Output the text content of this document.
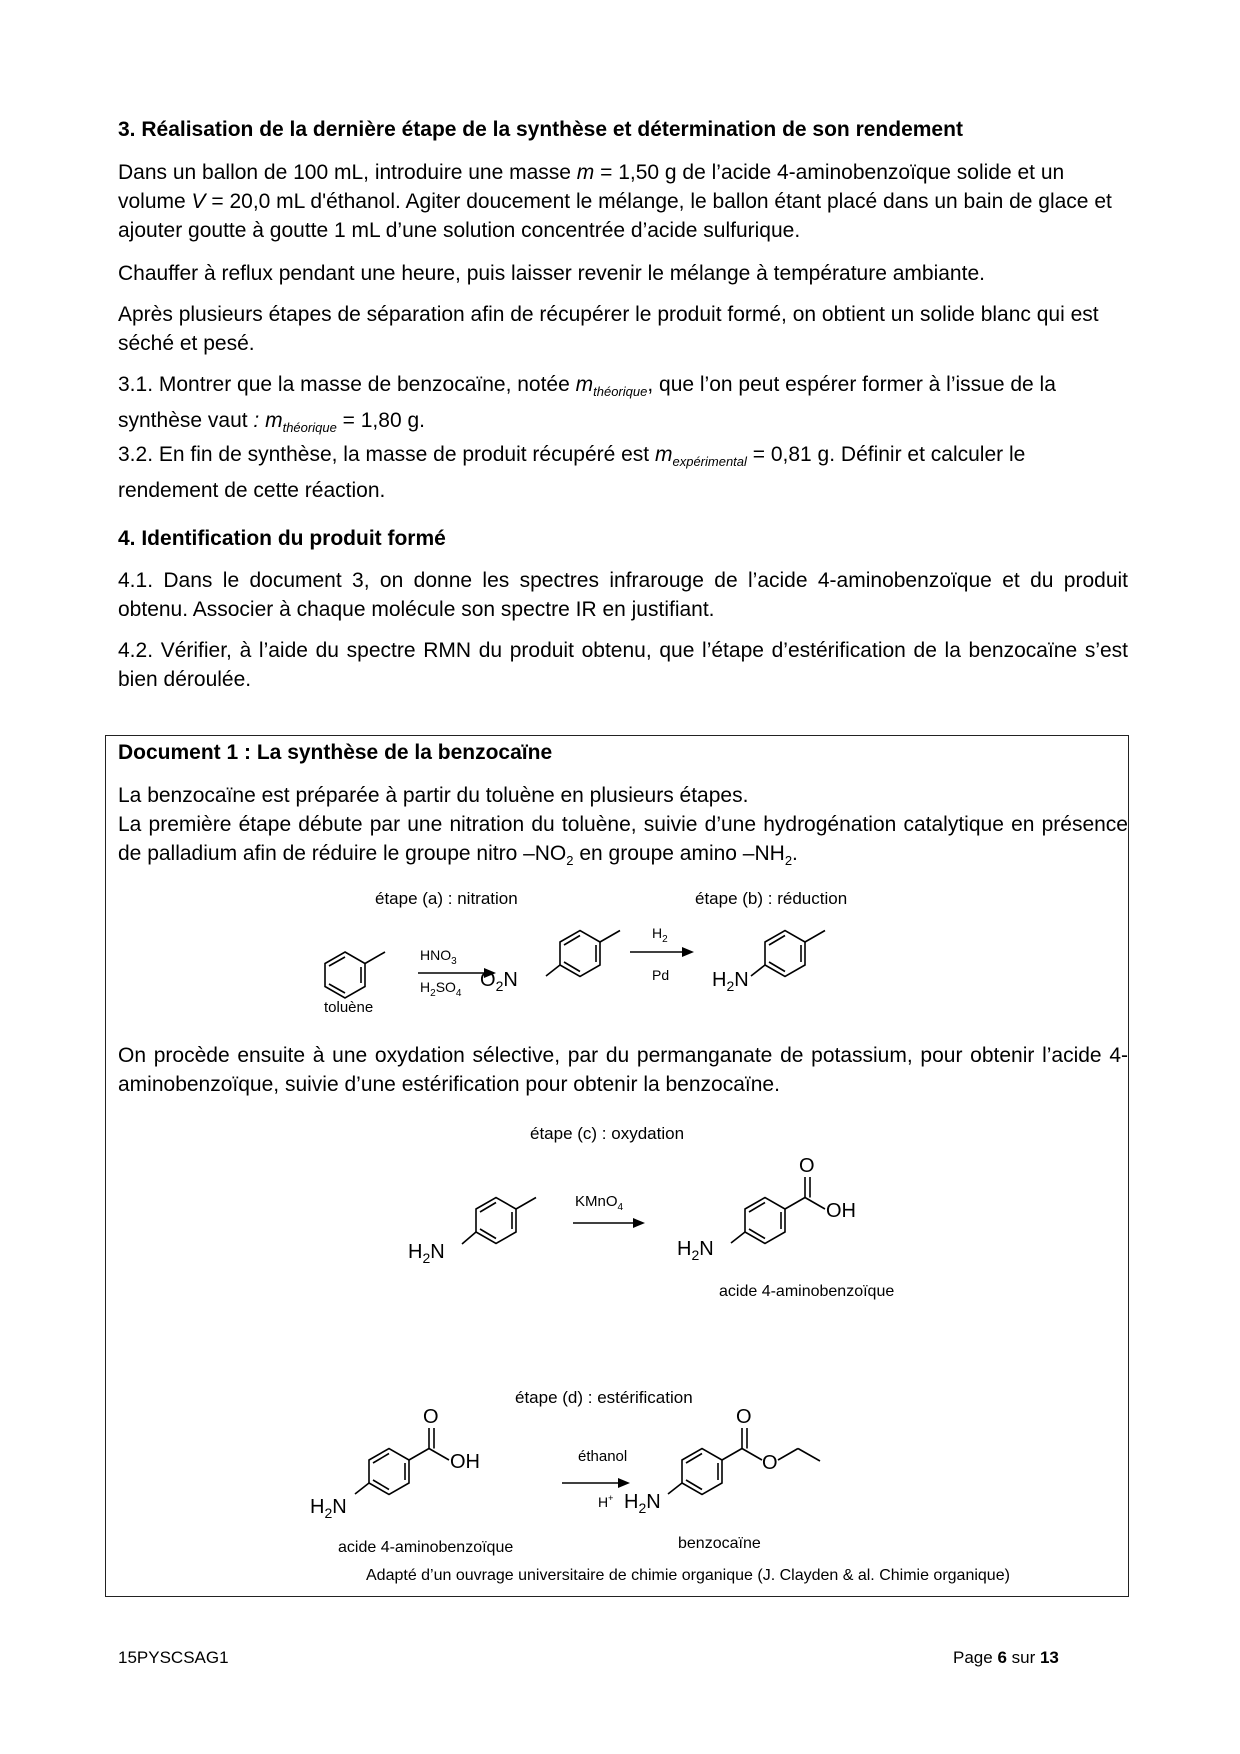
3. Réalisation de la dernière étape de la synthèse et détermination de son rendement
Dans un ballon de 100 mL, introduire une masse m = 1,50 g de l’acide 4-aminobenzoïque solide et un volume V = 20,0 mL d'éthanol. Agiter doucement le mélange, le ballon étant placé dans un bain de glace et ajouter goutte à goutte 1 mL d’une solution concentrée d’acide sulfurique.
Chauffer à reflux pendant une heure, puis laisser revenir le mélange à température ambiante.
Après plusieurs étapes de séparation afin de récupérer le produit formé, on obtient un solide blanc qui est séché et pesé.
3.1. Montrer que la masse de benzocaïne, notée $m_{théorique}$, que l’on peut espérer former à l’issue de la synthèse vaut : $m_{théorique} = 1,80$ g.
3.2. En fin de synthèse, la masse de produit récupéré est $m_{expérimental} = 0,81$ g. Définir et calculer le rendement de cette réaction.
4. Identification du produit formé
4.1. Dans le document 3, on donne les spectres infrarouge de l’acide 4-aminobenzoïque et du produit obtenu. Associer à chaque molécule son spectre IR en justifiant.
4.2. Vérifier, à l’aide du spectre RMN du produit obtenu, que l’étape d’estérification de la benzocaïne s’est bien déroulée.
Document 1 : La synthèse de la benzocaïne
La benzocaïne est préparée à partir du toluène en plusieurs étapes.
La première étape débute par une nitration du toluène, suivie d’une hydrogénation catalytique en présence de palladium afin de réduire le groupe nitro $-NO_2$ en groupe amino $-NH_2$.
étape (a) : nitration	étape (b) : réduction
toluène
$HNO_3$
$H_2SO_4$
$O_2N$
$H_2$
Pd $H_2N$
On procède ensuite à une oxydation sélective, par du permanganate de potassium, pour obtenir l’acide 4-aminobenzoïque, suivie d’une estérification pour obtenir la benzocaïne.
étape (c) : oxydation
$H_2N$
KMnO$_4$
O
OH
$H_2N$
acide 4-aminobenzoïque
étape (d) : estérification
O
OH
$H_2N$
acide 4-aminobenzoïque
éthanol
H+
O
O
$H_2N$
benzocaïne
Adapté d’un ouvrage universitaire de chimie organique (J. Clayden & al. Chimie organique)
15PYSCSAG1	Page 6 sur 13
